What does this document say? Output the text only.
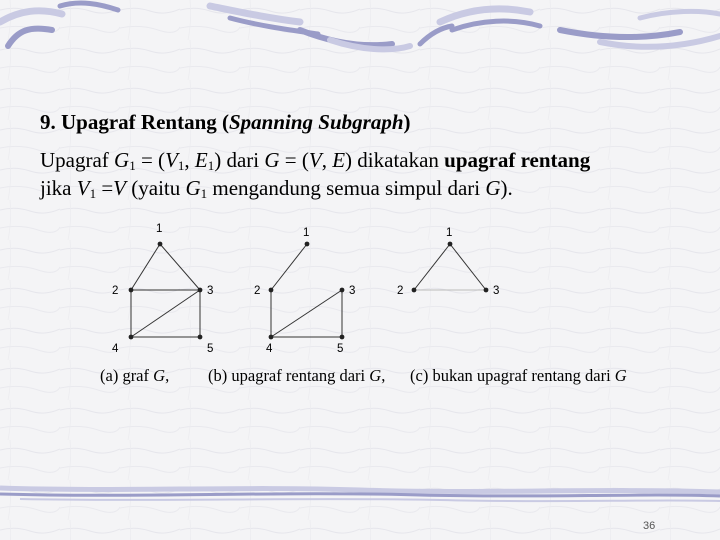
9. Upagraf Rentang (Spanning Subgraph)
Upagraf $G_1 = (V_1$, $E_1$) dari G = (V, E) dikatakan upagraf rentang
jika $V_1 =V$ (yaitu $G_1$ mengandung semua simpul dari G).
1
2	3
4	5
1
2	3
4	5
1
2	3
(a) graf G, (b) upagraf rentang dari G, (c) bukan upagraf rentang dari G
36
